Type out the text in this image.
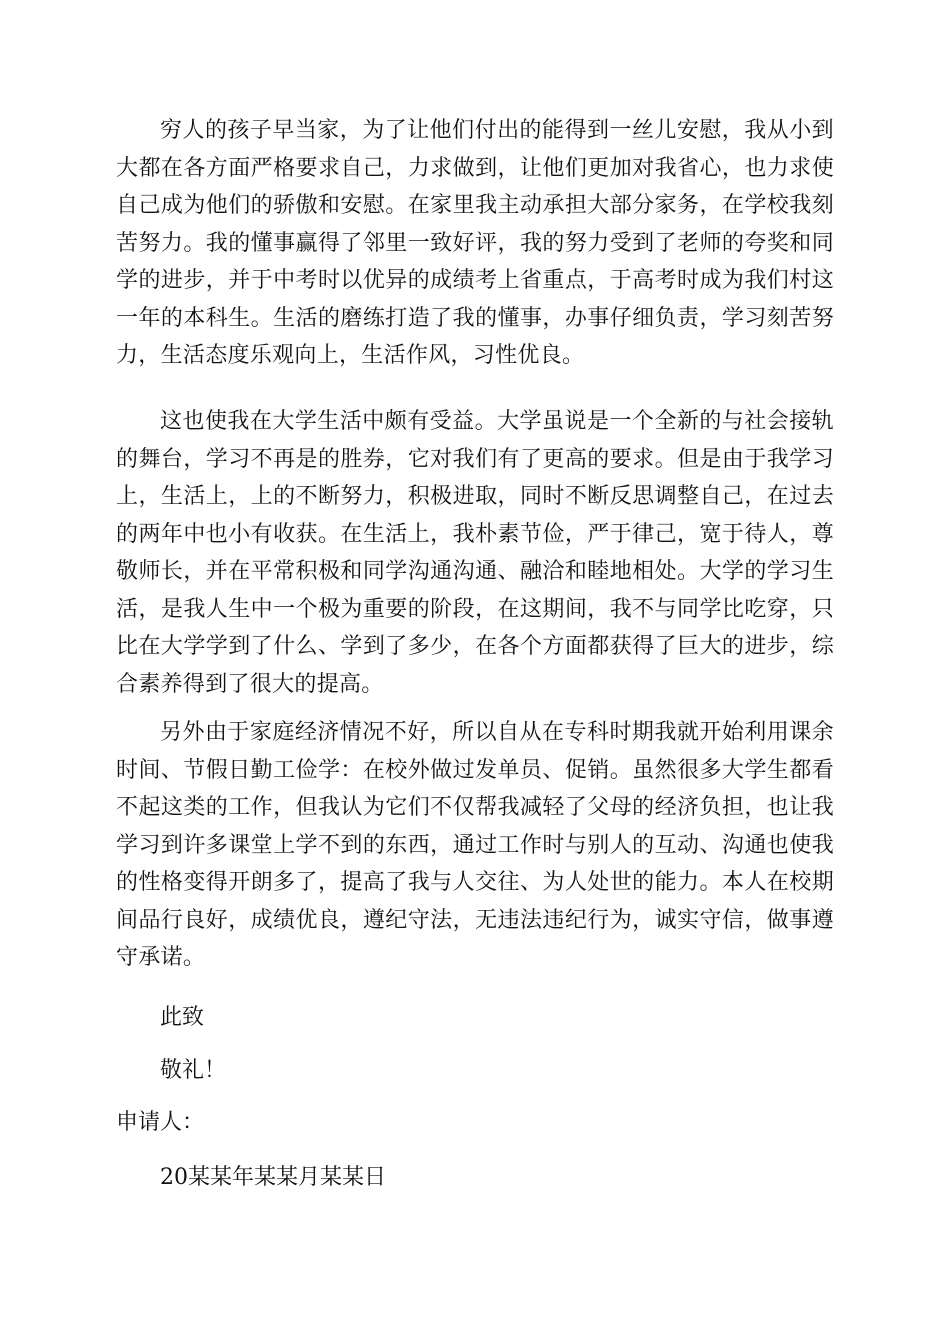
穷人的孩子早当家，为了让他们付出的能得到一丝儿安慰，我从小到大都在各方面严格要求自己，力求做到，让他们更加对我省心，也力求使自己成为他们的骄傲和安慰。在家里我主动承担大部分家务，在学校我刻苦努力。我的懂事赢得了邻里一致好评，我的努力受到了老师的夸奖和同学的进步，并于中考时以优异的成绩考上省重点，于高考时成为我们村这一年的本科生。生活的磨练打造了我的懂事，办事仔细负责，学习刻苦努力，生活态度乐观向上，生活作风，习性优良。

这也使我在大学生活中颇有受益。大学虽说是一个全新的与社会接轨的舞台，学习不再是的胜券，它对我们有了更高的要求。但是由于我学习上，生活上，上的不断努力，积极进取，同时不断反思调整自己，在过去的两年中也小有收获。在生活上，我朴素节俭，严于律己，宽于待人，尊敬师长，并在平常积极和同学沟通沟通、融洽和睦地相处。大学的学习生活，是我人生中一个极为重要的阶段，在这期间，我不与同学比吃穿，只比在大学学到了什么、学到了多少，在各个方面都获得了巨大的进步，综合素养得到了很大的提高。

另外由于家庭经济情况不好，所以自从在专科时期我就开始利用课余时间、节假日勤工俭学：在校外做过发单员、促销。虽然很多大学生都看不起这类的工作，但我认为它们不仅帮我减轻了父母的经济负担，也让我学习到许多课堂上学不到的东西，通过工作时与别人的互动、沟通也使我的性格变得开朗多了，提高了我与人交往、为人处世的能力。本人在校期间品行良好，成绩优良，遵纪守法，无违法违纪行为，诚实守信，做事遵守承诺。

此致

敬礼！

申请人：

20某某年某某月某某日
